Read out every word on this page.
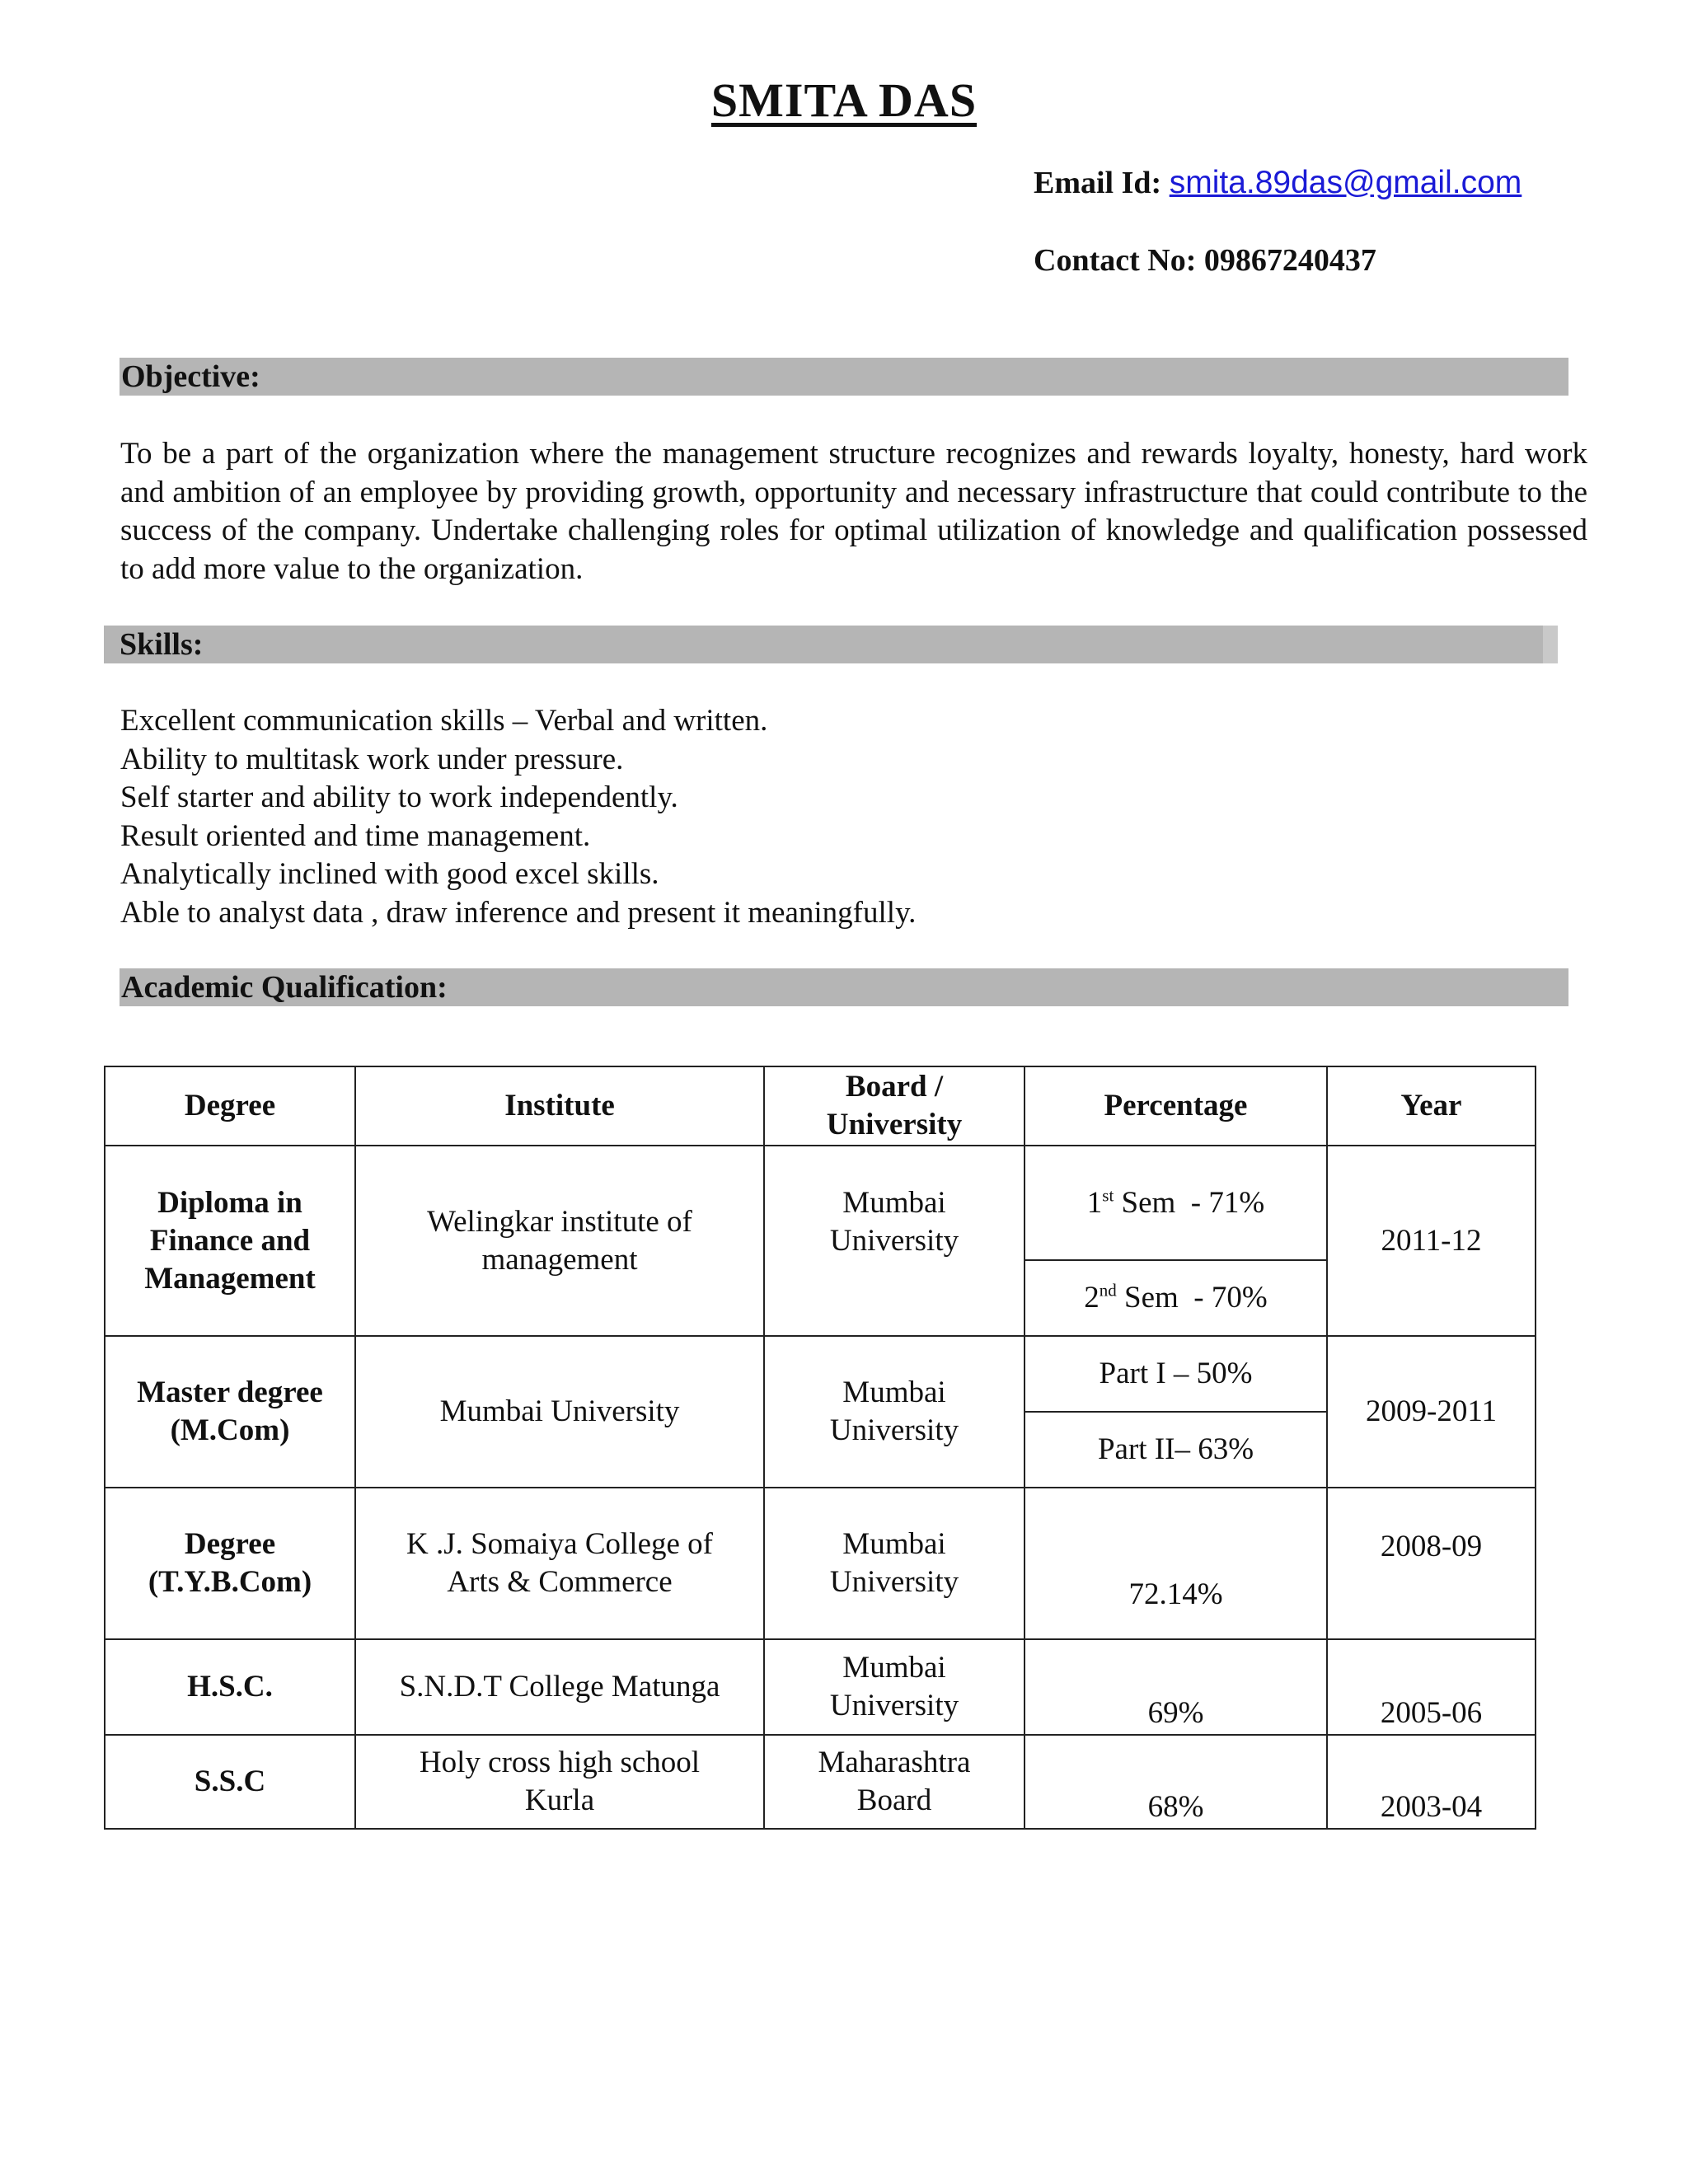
SMITA DAS
Email Id: smita.89das@gmail.com
Contact No: 09867240437
Objective:

To be a part of the organization where the management structure recognizes and rewards loyalty, honesty, hard work and ambition of an employee by providing growth, opportunity and necessary infrastructure that could contribute to the success of the company. Undertake challenging roles for optimal utilization of knowledge and qualification possessed to add more value to the organization.

Skills:
Excellent communication skills – Verbal and written.
Ability to multitask work under pressure.
Self starter and ability to work independently.
Result oriented and time management.
Analytically inclined with good excel skills.
Able to analyst data , draw inference and present it meaningfully.
Academic Qualification:
Degree	Institute	Board / University	Percentage	Year
Diploma in Finance and Management	Welingkar institute of management	Mumbai University	1st Sem  - 71%	2011-12
			2nd Sem  - 70%	
Master degree (M.Com)	Mumbai University	Mumbai University	Part I – 50%	2009-2011
			Part II– 63%	
Degree (T.Y.B.Com)	K .J. Somaiya College of Arts & Commerce	Mumbai University	72.14%	2008-09
H.S.C.	S.N.D.T College Matunga	Mumbai University	69%	2005-06
S.S.C	Holy cross high school Kurla	Maharashtra Board	68%	2003-04
